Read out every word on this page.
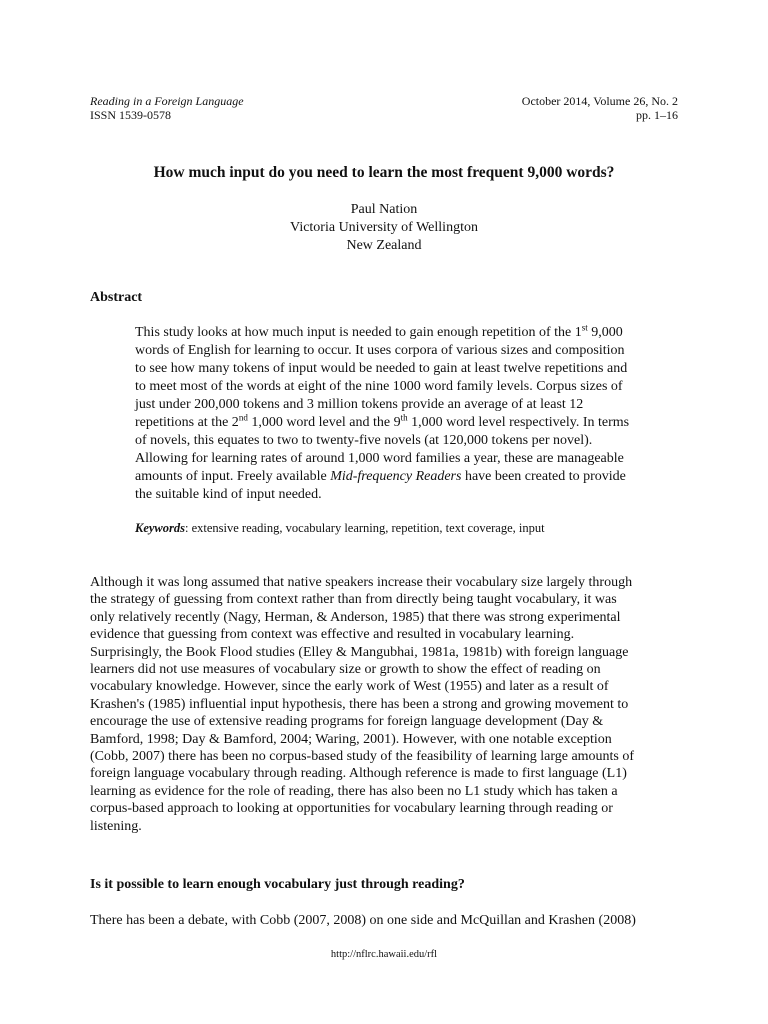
Reading in a Foreign Language
ISSN 1539-0578
October 2014, Volume 26, No. 2
pp. 1–16
How much input do you need to learn the most frequent 9,000 words?
Paul Nation
Victoria University of Wellington
New Zealand
Abstract
This study looks at how much input is needed to gain enough repetition of the 1st 9,000
words of English for learning to occur. It uses corpora of various sizes and composition
to see how many tokens of input would be needed to gain at least twelve repetitions and
to meet most of the words at eight of the nine 1000 word family levels. Corpus sizes of
just under 200,000 tokens and 3 million tokens provide an average of at least 12
repetitions at the 2nd 1,000 word level and the 9th 1,000 word level respectively. In terms
of novels, this equates to two to twenty-five novels (at 120,000 tokens per novel).
Allowing for learning rates of around 1,000 word families a year, these are manageable
amounts of input. Freely available Mid-frequency Readers have been created to provide
the suitable kind of input needed.
Keywords: extensive reading, vocabulary learning, repetition, text coverage, input
Although it was long assumed that native speakers increase their vocabulary size largely through
the strategy of guessing from context rather than from directly being taught vocabulary, it was
only relatively recently (Nagy, Herman, & Anderson, 1985) that there was strong experimental
evidence that guessing from context was effective and resulted in vocabulary learning.
Surprisingly, the Book Flood studies (Elley & Mangubhai, 1981a, 1981b) with foreign language
learners did not use measures of vocabulary size or growth to show the effect of reading on
vocabulary knowledge. However, since the early work of West (1955) and later as a result of
Krashen's (1985) influential input hypothesis, there has been a strong and growing movement to
encourage the use of extensive reading programs for foreign language development (Day &
Bamford, 1998; Day & Bamford, 2004; Waring, 2001). However, with one notable exception
(Cobb, 2007) there has been no corpus-based study of the feasibility of learning large amounts of
foreign language vocabulary through reading. Although reference is made to first language (L1)
learning as evidence for the role of reading, there has also been no L1 study which has taken a
corpus-based approach to looking at opportunities for vocabulary learning through reading or
listening.
Is it possible to learn enough vocabulary just through reading?
There has been a debate, with Cobb (2007, 2008) on one side and McQuillan and Krashen (2008)
http://nflrc.hawaii.edu/rfl
